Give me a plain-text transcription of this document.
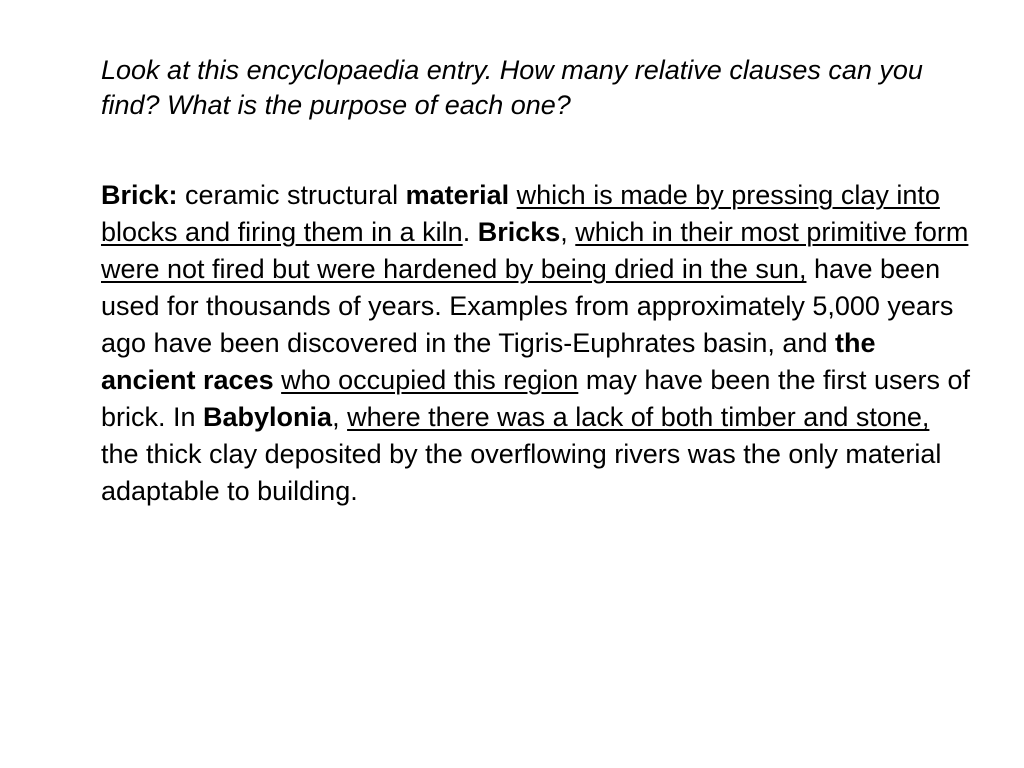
Look at this encyclopaedia entry. How many relative clauses can you find? What is the purpose of each one?

Brick: ceramic structural material which is made by pressing clay into blocks and firing them in a kiln. Bricks, which in their most primitive form were not fired but were hardened by being dried in the sun, have been used for thousands of years. Examples from approximately 5,000 years ago have been discovered in the Tigris-Euphrates basin, and the ancient races who occupied this region may have been the first users of brick. In Babylonia, where there was a lack of both timber and stone, the thick clay deposited by the overflowing rivers was the only material adaptable to building.
